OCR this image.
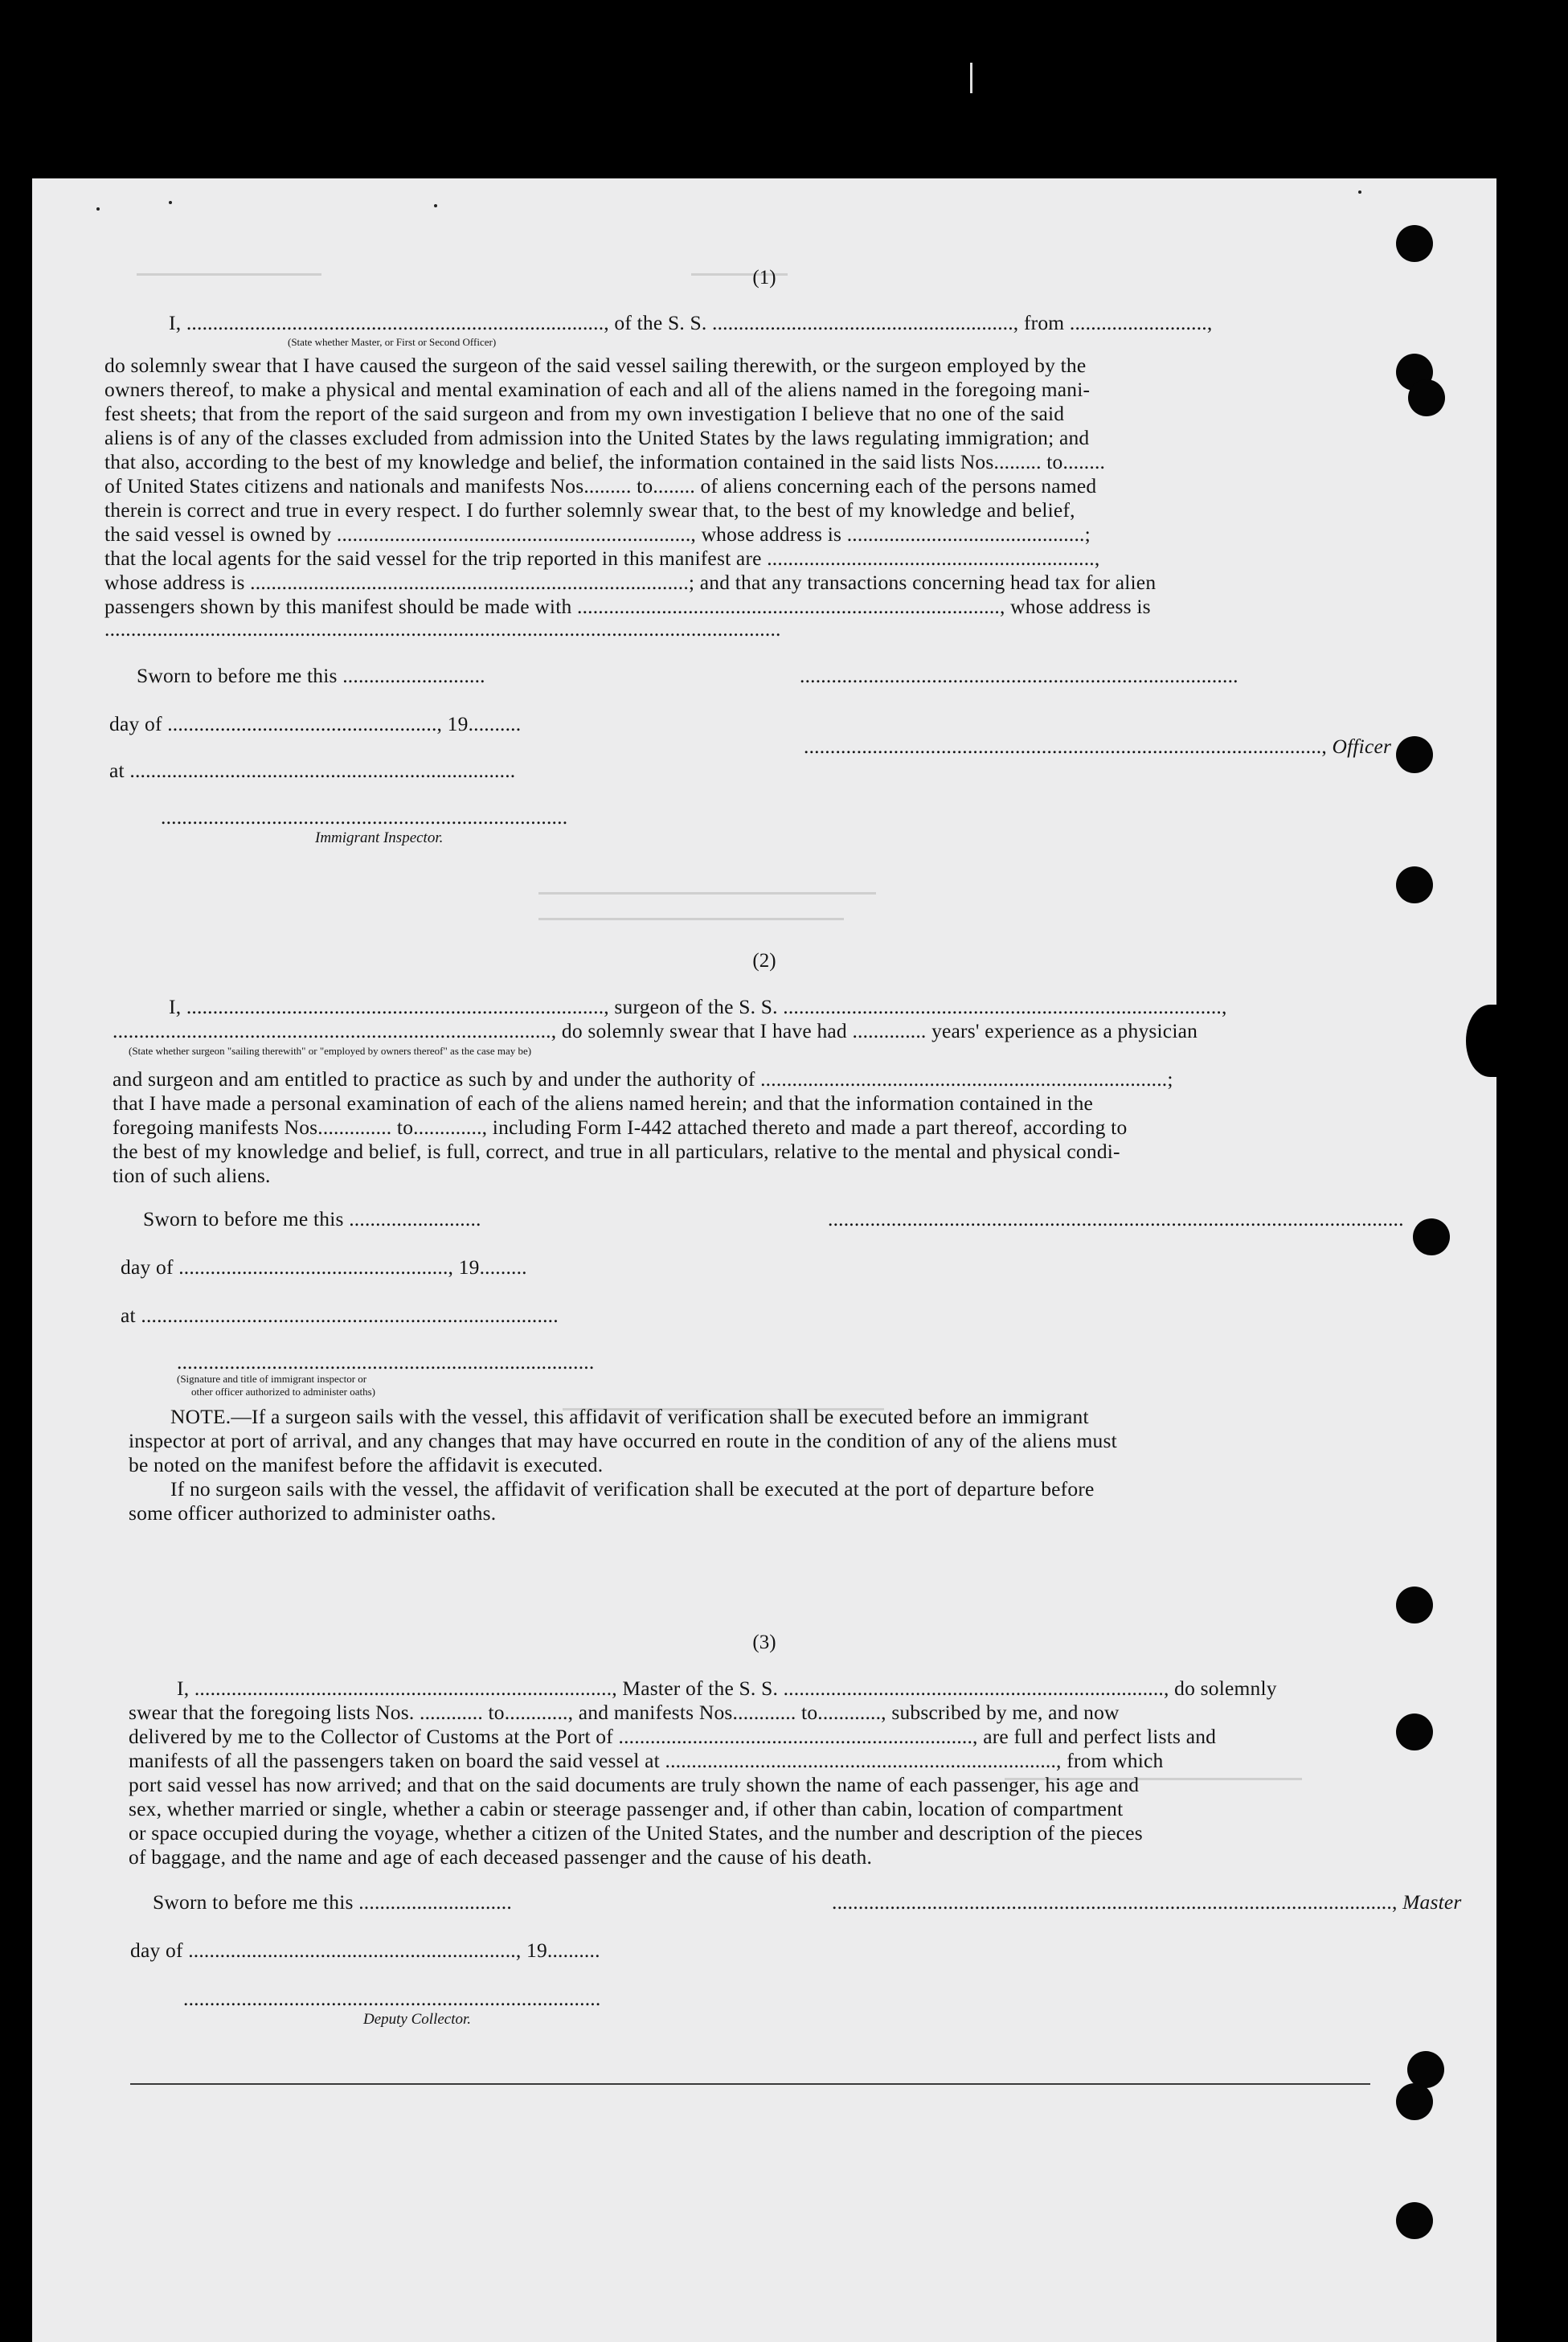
(1)
I, ..............................................................................., of the S. S. ........................................................., from ..........................,
(State whether Master, or First or Second Officer)
do solemnly swear that I have caused the surgeon of the said vessel sailing therewith, or the surgeon employed by the
owners thereof, to make a physical and mental examination of each and all of the aliens named in the foregoing mani-
fest sheets; that from the report of the said surgeon and from my own investigation I believe that no one of the said
aliens is of any of the classes excluded from admission into the United States by the laws regulating immigration; and
that also, according to the best of my knowledge and belief, the information contained in the said lists Nos......... to........
of United States citizens and nationals and manifests Nos......... to........ of aliens concerning each of the persons named
therein is correct and true in every respect. I do further solemnly swear that, to the best of my knowledge and belief,
the said vessel is owned by ..................................................................., whose address is .............................................;
that the local agents for the said vessel for the trip reported in this manifest are ..............................................................,
whose address is ...................................................................................; and that any transactions concerning head tax for alien
passengers shown by this manifest should be made with ................................................................................, whose address is
................................................................................................................................
Sworn to before me this ...........................
day of ..................................................., 19..........
at .........................................................................
...................................................................................
.................................................................................................., Officer
.............................................................................
Immigrant Inspector.
(2)
I, ..............................................................................., surgeon of the S. S. ...................................................................................,
..................................................................................., do solemnly swear that I have had .............. years' experience as a physician
(State whether surgeon "sailing therewith" or "employed by owners thereof" as the case may be)
and surgeon and am entitled to practice as such by and under the authority of .............................................................................;
that I have made a personal examination of each of the aliens named herein; and that the information contained in the
foregoing manifests Nos.............. to............., including Form I-442 attached thereto and made a part thereof, according to
the best of my knowledge and belief, is full, correct, and true in all particulars, relative to the mental and physical condi-
tion of such aliens.
Sworn to before me this .........................
day of ..................................................., 19.........
at ...............................................................................
.............................................................................................................
...............................................................................
(Signature and title of immigrant inspector or
other officer authorized to administer oaths)
NOTE.—If a surgeon sails with the vessel, this affidavit of verification shall be executed before an immigrant
inspector at port of arrival, and any changes that may have occurred en route in the condition of any of the aliens must
be noted on the manifest before the affidavit is executed.
If no surgeon sails with the vessel, the affidavit of verification shall be executed at the port of departure before
some officer authorized to administer oaths.
(3)
I, ..............................................................................., Master of the S. S. ........................................................................, do solemnly
swear that the foregoing lists Nos. ............ to............, and manifests Nos............ to............, subscribed by me, and now
delivered by me to the Collector of Customs at the Port of ..................................................................., are full and perfect lists and
manifests of all the passengers taken on board the said vessel at .........................................................................., from which
port said vessel has now arrived; and that on the said documents are truly shown the name of each passenger, his age and
sex, whether married or single, whether a cabin or steerage passenger and, if other than cabin, location of compartment
or space occupied during the voyage, whether a citizen of the United States, and the number and description of the pieces
of baggage, and the name and age of each deceased passenger and the cause of his death.
Sworn to before me this .............................
day of .............................................................., 19..........
.........................................................................................................., Master
...............................................................................
Deputy Collector.
